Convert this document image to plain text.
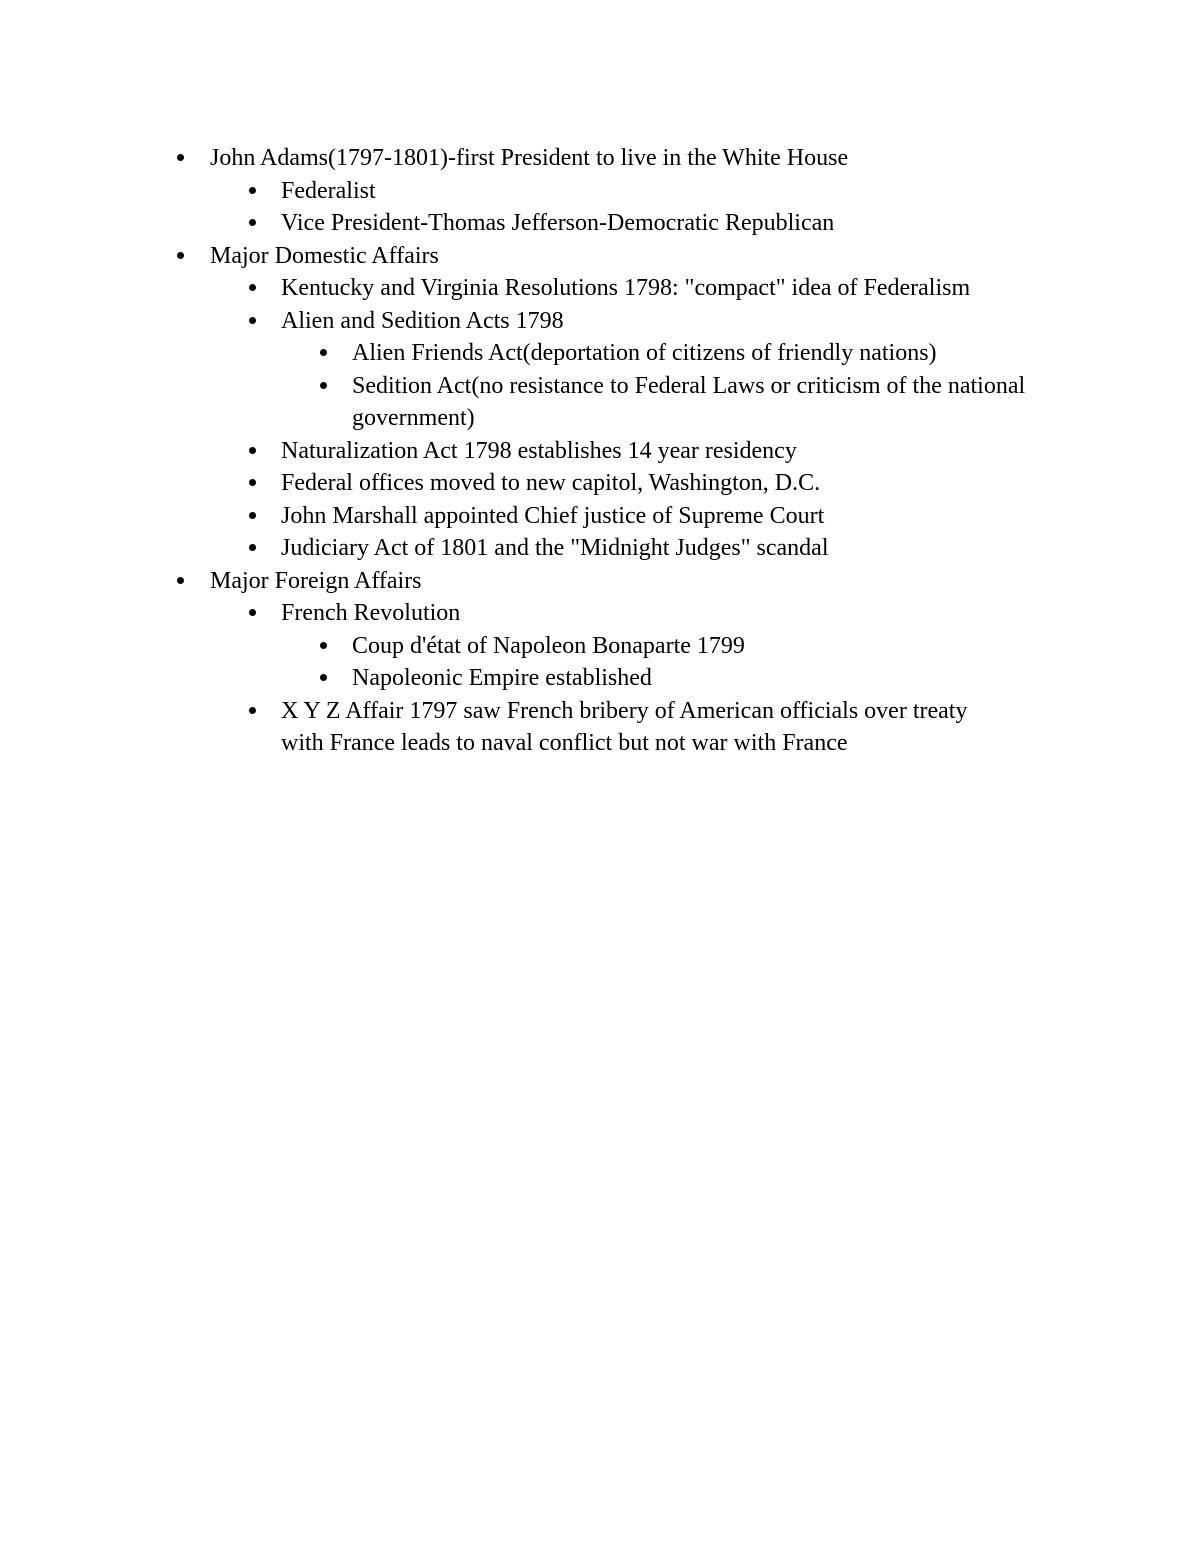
John Adams(1797-1801)-first President to live in the White House

Federalist

Vice President-Thomas Jefferson-Democratic Republican

Major Domestic Affairs

Kentucky and Virginia Resolutions 1798: "compact" idea of Federalism

Alien and Sedition Acts 1798

Alien Friends Act(deportation of citizens of friendly nations)

Sedition Act(no resistance to Federal Laws or criticism of the national government)

Naturalization Act 1798 establishes 14 year residency

Federal offices moved to new capitol, Washington, D.C.

John Marshall appointed Chief justice of Supreme Court

Judiciary Act of 1801 and the "Midnight Judges" scandal

Major Foreign Affairs

French Revolution

Coup d'état of Napoleon Bonaparte 1799

Napoleonic Empire established

X Y Z Affair 1797 saw French bribery of American officials over treaty with France leads to naval conflict but not war with France
